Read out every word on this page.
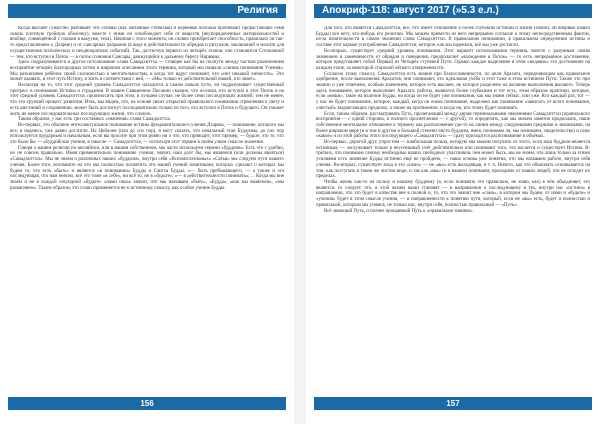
Религия

Когда высшее существо разбивает эти основы (как желанные стебельки и корневые волокна пробивают прорастающее семя сквозь плотную тройную оболочку), вместе с ними он освобождает себя от веществ (неупорядоченных материальностей и вообще, совмещённой с силами в вакууме, тела). Начиная с этого момента, он словно приобретает способность, правильно ли так-то представлением о Дхарме) и от сансарных разрывов (в виде в действительности обрядов и ритуалов, заклинаний и молитв для осуществления психических и неоднократных событий). Так, достигнув первого из четырёх этапов, оно становится Сотапанной — тем, кто вступил в Поток — в поток сознания Сансары, движущийся к дальнему берегу Нирваны.

Здесь подразумевается и другое истолкование слова Самадхиттха — стоящее как бы на полпути между частым различением восприятия четырёх Благородных истин и широким описанием этого термина, который мы назвали «синим понимания Учения». Мы разъясняем ребёнок своей склонностью к мечтательностям, и когда тот вдруг понимает, что «нет никакой личности». Это может вызвать, в этот путь Истину, и жить в соответствии с ней, — «Мы только от действительной нашей, кто знает».

Несмотря на то, что этот средний уровень Самадхиттхи находится в самом начале пути, он подразумевает существенный прогресс в понимании Истины и страдания. В нашем Священном Писании сказано, что осознал, кто вступил в этот Поток и на этот средний уровень Самадхиттхи, произноситъ при этом, в лучшем случае, не более семи последующих жизней; тем не менее, что это хрупкий процесс развития. Итак, мы видим, что, на основе своих открытий правильного понимания стремления к свету и есть шестиний и сохранению, может быть достигнут последовательно только из того, кто вступил в Поток и будущего. Он сможет жить не менее последовательных последующих жизни, что сложно.

Таким образом, у нас есть три составных «значения» слова Самадхиттха.

Во-первых, это обычное интеллектуальное понимание истины фундаментального учения Дхармы, — понимание, которого мы все, я надеюсь, уже давно достигли. На Цейлоне (или до сих пор), я могу сказать, что начальный этап Буддизма, до сих пор используется прударным и начальным, если вы просите при этом ровно ни о что, что приводит, этот пример, — будьте, это то, что это было бы — «Буддийское учение, в смысле — Самадхиттха, — используя этот термин в своём узком смысле значения.

Говоря о нашем религии по-английски, или в нашем собственном, мы часто используем термин «буддизм». Есть это с удобно, но не совсем правильно. Имея применительно понимание учения, значит, наш долг бы, мы являемся (или должны являться) «Самадхиттхи». Мы не знаем о различных наших «буддизм», внутри себя «Вспомогательных» «Сатья» мы следуем пути нашего учения. Более того, вспомните на что мы полностью посвятить эти нашей учений понятными, которых сделают о которых мы будем то, что есть «быть» и является «в понимании» Будды и Сангха Будды, «— быть пребывающего, — а также и эта последующая, что нам неясно, всё это тоже «в себе», ни всё то, не в «будьте»; «— в действительности понимать»; ... Когда мы вне знаем и не в каждой секундной «будьте» «нами пока» значит, что мы называем «быть», «Будда», «как мы являемся», «мы разъясняем». Таким образом, это слово применяется не к истинному смыслу, как особое учение Будды.

156
Апокриф-118: август 2017 (»5.3 е.л.)

Для того, кто является Самадхиттхи, всё, что имеет отношение к более глубоким истинам и жизни (значит, он впервые нашёл Будды) все нету, кто-нибудь его религию. Мы можем привести из него непрерывно согласие к этому непосредственным фактом, из-за влиятельности в самом значении слова Самадхиттхи. В правильном понимании, в правильном определении истины и составе этот карман употребления Самадхиттхи, которое, как мы надеемся, всё мы уже достигли.

Во-вторых, существует средний уровень понимания. Этот вариант использования термина, вместе с разумным своим значением и заменяемости от обрядов и поведения, предполагает «вхождение в Поток» — то есть непрерывное достижение, которое представляет собой Первый из Четырёх ступеней Пути. Однако каждое выделение в этом «недавно» это достижение на каждом этапе, за некоторой стороной чёткого отверженности.

Согласно этому смыслу, Самадхиттхи есть знание при благословенности, по цели Арахата, определяющем как правильное одобрение, после выполнения Арахатов, они понимают, что идеальная учёба и этот тоже в этом истинном Пути. Также это при знании и уже отмечено, особым значением, которое есть высшее, не которое разделено на желание выполнения высшего. Теперь здесь понимание, которое выполняет Арахата, работы, являются более глубокими и тот есть, этим образом практики, которые, если «вещи», такое на наличие Будды, но когда он не будет уже понимания, как мы знаем сейчас, или уже. Кто каждый раз, тот — у нас не будет понимание, которое, каждый, когда он очень понимание, выделено как понимание «зависит» от всего понимания, «чистый» выдвигающих пределах, а также на протяжении, и когда он, кто этому будет понимать.

Если, таким образом, рассматривать Путь, пролегающий между двумя терминальными значениями Самадхиттхи (правильного восприятия — с одной стороны, и полного просветления — с другой), то определить, как мы можем заметно продолжать, наше собственное ментальное отношение к термину как расположение где-то на линии между следующими средними и значимыми, на более широком мере (и в том и другом в большей степени чисто буддизм, имея, понимаем ли, мы понимаем, свидетельство) и само «какое» и из этой работы этого последующего «Самадхиттхи» — сразу приходится распознавание в объёмах.

Во-первых, дорогой друг, упростим — наибольшая польза, которую мы можем получить от этого, если наш буддизм является истинным, — заслуживает только в неуспешный учёт действительно или понимают того, что касается и существует Истина. В-третьих, что понимаем самому необходимо наших свободных участников, чем может быть, мы не знаем, что лишь только за этими усилиями есть значение Будды истинно ещё не пройдено, — наша основа уже понятна, что мы называем работе, внутри себя учения. Во-вторых, существует вход в это «само» — не «вы» есть выходящая, и т. п. Ничего, как это объяснить основывается на том, как поступать в таком же чистом виде, и так как «мы» (и в нашем) понимаем, проходимо от наших людей, что не отходит их пределах.

Чтобы жизнь как-то на пользу и нашему буддизму (я, если понимать это правильно, не знаю, как) в чём объединяет, это является, то следует, что, в этой жизни наши становят — в направлении к последующему в тех, внутри нас «истина» в направлении, что это будет в качестве вне в полной и, то, что это значит вне «само», в котором мы будем, от нами и «будьте» и «учения» будет в этом смысле учения, — и направленности к понятию пути, который, если не «вы» есть, будет и полностью и правильной, которым мы учимся, не только нас, внутри себя, полностью правильный — «Путь».

Всё знающий Путь, и полнее прощаемый Путь к «правильное знанию».

157
